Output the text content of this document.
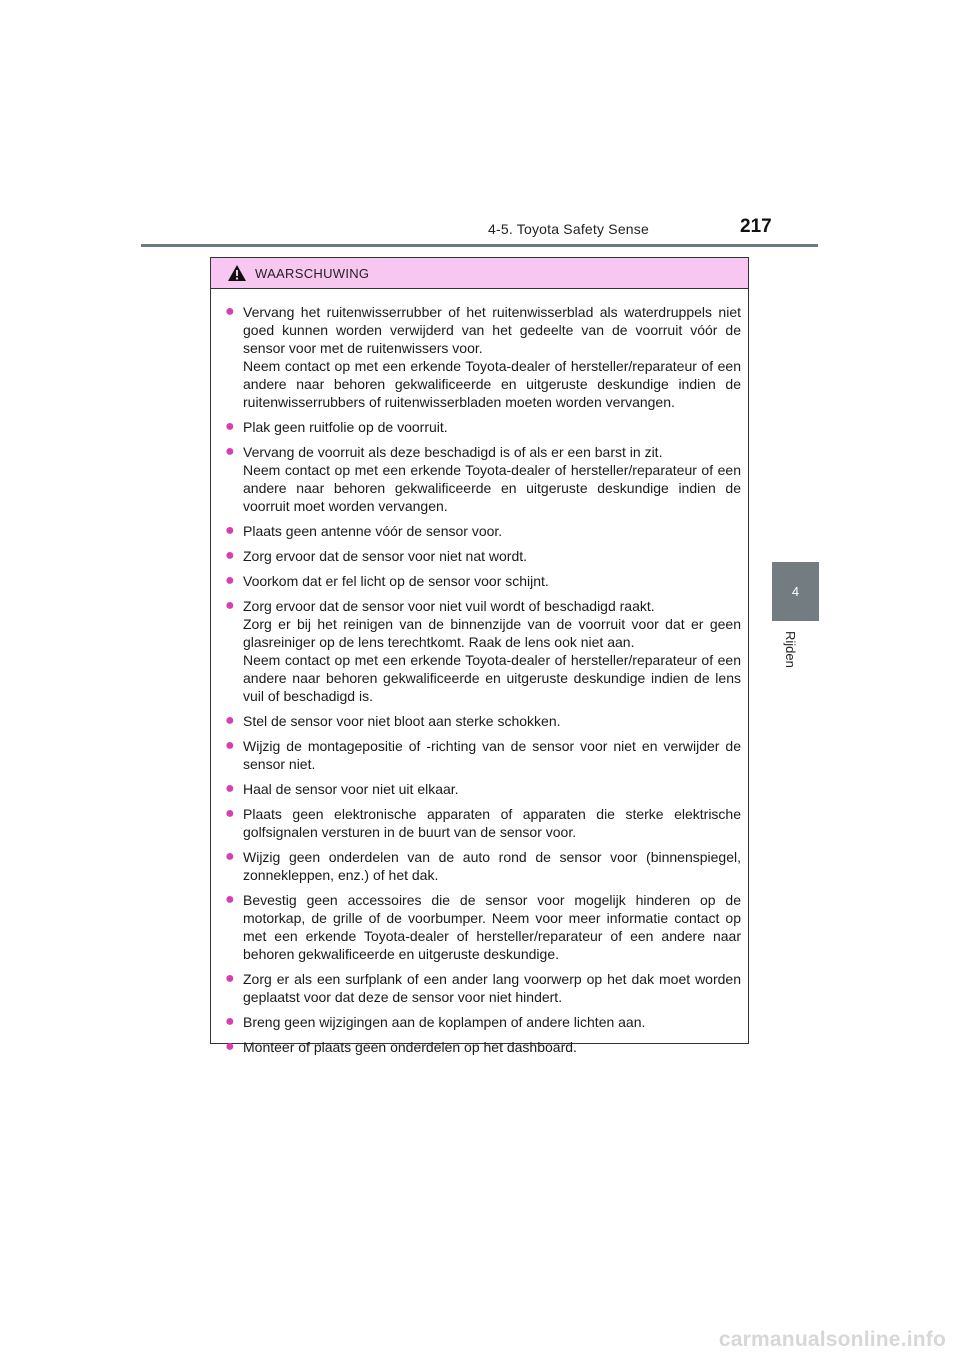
4-5. Toyota Safety Sense	217
4
Rijden
WAARSCHUWING
● Vervang het ruitenwisserrubber of het ruitenwisserblad als waterdruppels niet goed kunnen worden verwijderd van het gedeelte van de voorruit vóór de sensor voor met de ruitenwissers voor.

Neem contact op met een erkende Toyota-dealer of hersteller/reparateur of een andere naar behoren gekwalificeerde en uitgeruste deskundige indien de ruitenwisserrubbers of ruitenwisserbladen moeten worden vervangen.

● Plak geen ruitfolie op de voorruit.

● Vervang de voorruit als deze beschadigd is of als er een barst in zit.

Neem contact op met een erkende Toyota-dealer of hersteller/reparateur of een andere naar behoren gekwalificeerde en uitgeruste deskundige indien de voorruit moet worden vervangen.

● Plaats geen antenne vóór de sensor voor.

● Zorg ervoor dat de sensor voor niet nat wordt.

● Voorkom dat er fel licht op de sensor voor schijnt.

● Zorg ervoor dat de sensor voor niet vuil wordt of beschadigd raakt.

Zorg er bij het reinigen van de binnenzijde van de voorruit voor dat er geen glasreiniger op de lens terechtkomt. Raak de lens ook niet aan.

Neem contact op met een erkende Toyota-dealer of hersteller/reparateur of een andere naar behoren gekwalificeerde en uitgeruste deskundige indien de lens vuil of beschadigd is.

● Stel de sensor voor niet bloot aan sterke schokken.

● Wijzig de montagepositie of -richting van de sensor voor niet en verwijder de sensor niet.

● Haal de sensor voor niet uit elkaar.

● Plaats geen elektronische apparaten of apparaten die sterke elektrische golfsignalen versturen in de buurt van de sensor voor.

● Wijzig geen onderdelen van de auto rond de sensor voor (binnenspiegel, zonnekleppen, enz.) of het dak.

● Bevestig geen accessoires die de sensor voor mogelijk hinderen op de motorkap, de grille of de voorbumper. Neem voor meer informatie contact op met een erkende Toyota-dealer of hersteller/reparateur of een andere naar behoren gekwalificeerde en uitgeruste deskundige.

● Zorg er als een surfplank of een ander lang voorwerp op het dak moet worden geplaatst voor dat deze de sensor voor niet hindert.

● Breng geen wijzigingen aan de koplampen of andere lichten aan.

● Monteer of plaats geen onderdelen op het dashboard.

carmanualsonline.info
